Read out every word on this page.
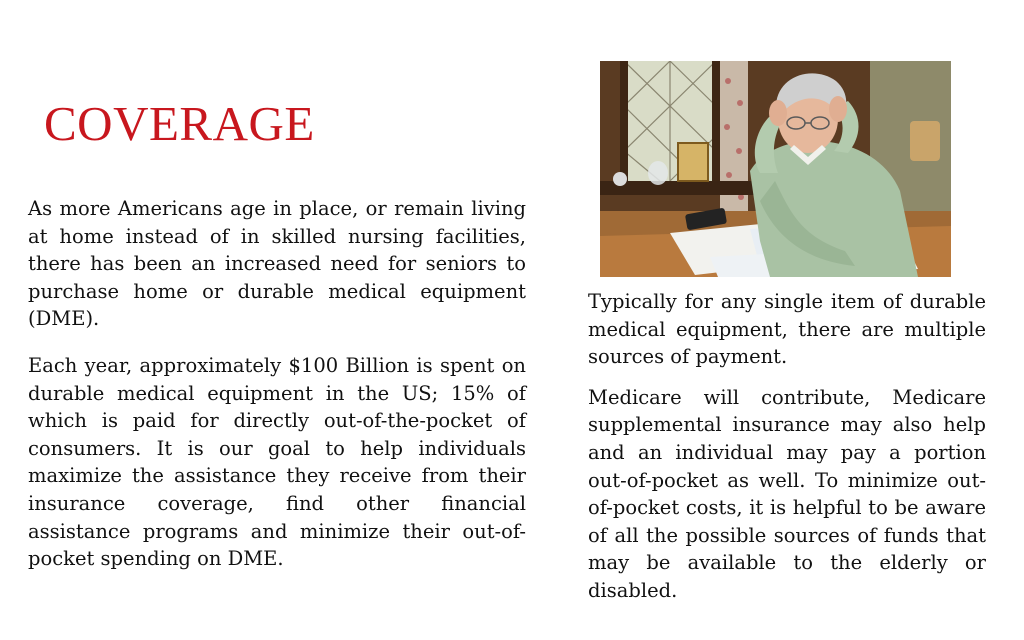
COVERAGE

As more Americans age in place, or remain living at home instead of in skilled nursing facilities, there has been an increased need for seniors to purchase home or durable medical equipment (DME).

Each year, approximately $100 Billion is spent on durable medical equipment in the US; 15% of which is paid for directly out-of-the-pocket of consumers. It is our goal to help individuals maximize the assistance they receive from their insurance coverage, find other financial assistance programs and minimize their out-of-pocket spending on DME.

Typically for any single item of durable medical equipment, there are multiple sources of payment.

Medicare will contribute, Medicare supplemental insurance may also help and an individual may pay a portion out-of-pocket as well. To minimize out-of-pocket costs, it is helpful to be aware of all the possible sources of funds that may be available to the elderly or disabled.
